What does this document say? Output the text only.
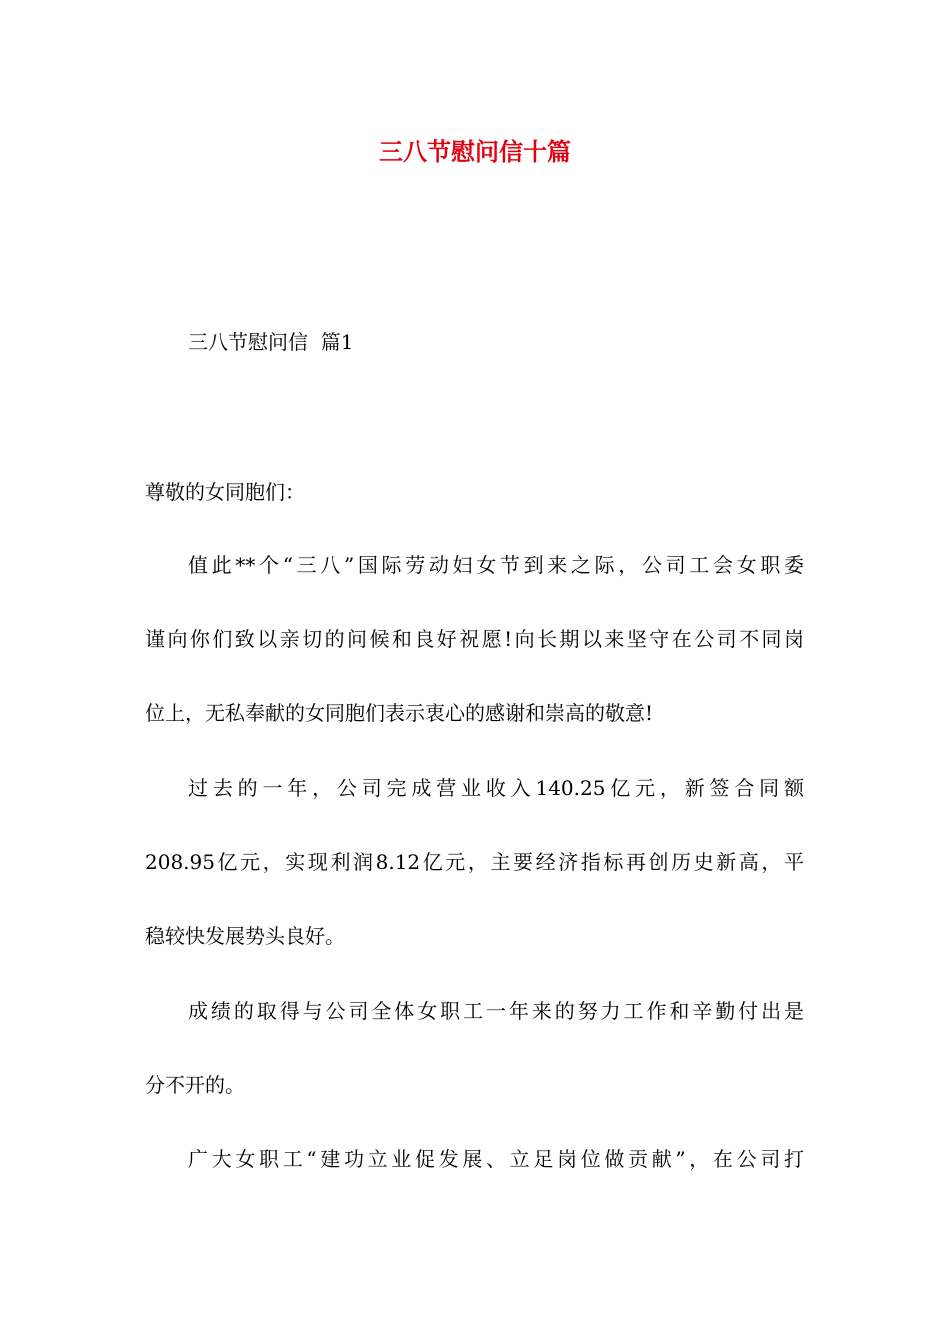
三八节慰问信十篇

三八节慰问信  篇1

尊敬的女同胞们：

值此**个“三八”国际劳动妇女节到来之际，公司工会女职委

谨向你们致以亲切的问候和良好祝愿!向长期以来坚守在公司不同岗

位上，无私奉献的女同胞们表示衷心的感谢和崇高的敬意!

过去的一年，公司完成营业收入140.25亿元，新签合同额

208.95亿元，实现利润8.12亿元，主要经济指标再创历史新高，平

稳较快发展势头良好。

成绩的取得与公司全体女职工一年来的努力工作和辛勤付出是

分不开的。

广大女职工“建功立业促发展、立足岗位做贡献”，在公司打
